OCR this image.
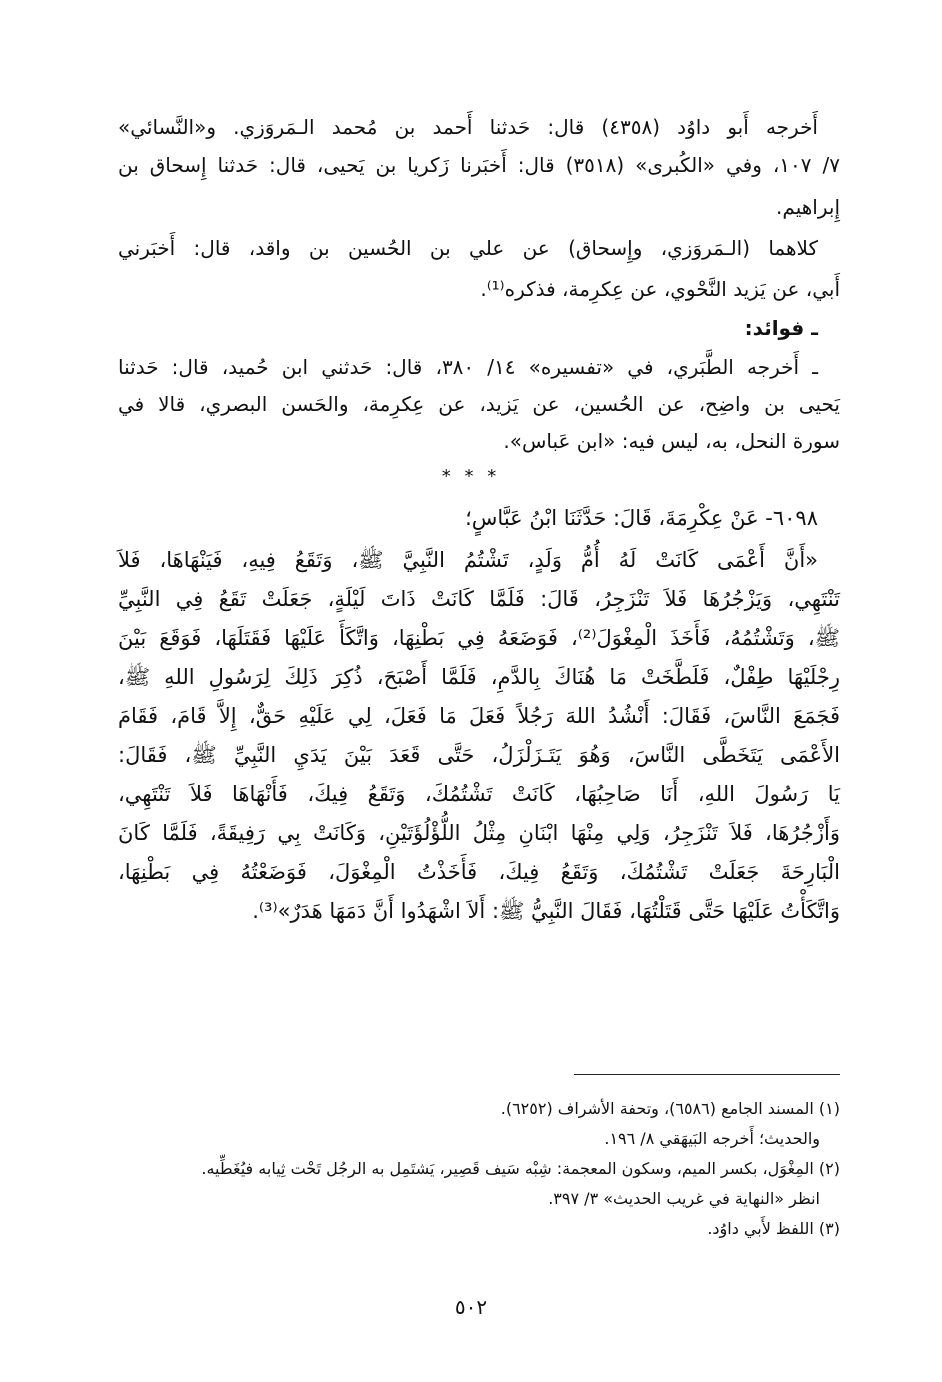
أَخرجه أَبو داوُد (٤٣٥٨) قال: حَدثنا أَحمد بن مُحمد الـمَروَزي. و«النَّسائي»
٧/ ١٠٧، وفي «الكُبرى» (٣٥١٨) قال: أَخبَرنا زَكريا بن يَحيى، قال: حَدثنا إِسحاق بن
إِبراهيم.
كلاهما (الـمَروَزي، وإِسحاق) عن علي بن الحُسين بن واقد، قال: أَخبَرني
أَبي، عن يَزيد النَّحْوي، عن عِكرِمة، فذكره⁽¹⁾.
ـ فوائد:
ـ أَخرجه الطَّبَري، في «تفسيره» ١٤/ ٣٨٠، قال: حَدثني ابن حُميد، قال: حَدثنا
يَحيى بن واضِح، عن الحُسين، عن يَزيد، عن عِكرِمة، والحَسن البصري، قالا في
سورة النحل، به، ليس فيه: «ابن عَباس».
* * *
٦٠٩٨- عَنْ عِكْرِمَةَ، قَالَ: حَدَّثَنَا ابْنُ عَبَّاسٍ؛
«أَنَّ أَعْمَى كَانَتْ لَهُ أُمُّ وَلَدٍ، تَشْتُمُ النَّبِيَّ ﷺ، وَتَقَعُ فِيهِ، فَيَنْهَاهَا، فَلاَ
تَنْتَهِي، وَيَزْجُرُهَا فَلاَ تَنْزَجِرُ، قَالَ: فَلَمَّا كَانَتْ ذَاتَ لَيْلَةٍ، جَعَلَتْ تَقَعُ فِي النَّبِيِّ
ﷺ، وَتَشْتُمُهُ، فَأَخَذَ الْمِغْوَلَ⁽²⁾، فَوَضَعَهُ فِي بَطْنِهَا، وَاتَّكَأَ عَلَيْهَا فَقَتَلَهَا، فَوَقَعَ بَيْنَ
رِجْلَيْهَا طِفْلٌ، فَلَطَّخَتْ مَا هُنَاكَ بِالدَّمِ، فَلَمَّا أَصْبَحَ، ذُكِرَ ذَلِكَ لِرَسُولِ اللهِ ﷺ،
فَجَمَعَ النَّاسَ، فَقَالَ: أَنْشُدُ اللهَ رَجُلاً فَعَلَ مَا فَعَلَ، لِي عَلَيْهِ حَقٌّ، إِلاَّ قَامَ، فَقَامَ
الأَعْمَى يَتَخَطَّى النَّاسَ، وَهُوَ يَتَـزَلْزَلُ، حَتَّى قَعَدَ بَيْنَ يَدَيِ النَّبِيِّ ﷺ، فَقَالَ:
يَا رَسُولَ اللهِ، أَنَا صَاحِبُهَا، كَانَتْ تَشْتُمُكَ، وَتَقَعُ فِيكَ، فَأَنْهَاهَا فَلاَ تَنْتَهِي،
وَأَزْجُرُهَا، فَلاَ تَنْزَجِرُ، وَلِي مِنْهَا ابْنَانِ مِثْلُ اللُّؤْلُؤَتَيْنِ، وَكَانَتْ بِي رَفِيقَةً، فَلَمَّا كَانَ
الْبَارِحَةَ جَعَلَتْ تَشْتُمُكَ، وَتَقَعُ فِيكَ، فَأَخَذْتُ الْمِغْوَلَ، فَوَضَعْتُهُ فِي بَطْنِهَا،
وَاتَّكَأْتُ عَلَيْهَا حَتَّى قَتَلْتُهَا، فَقَالَ النَّبِيُّ ﷺ: أَلاَ اشْهَدُوا أَنَّ دَمَهَا هَدَرٌ»⁽³⁾.
(١) المسند الجامع (٦٥٨٦)، وتحفة الأشراف (٦٢٥٢).
والحديث؛ أَخرجه البَيهَقي ٨/ ١٩٦.
(٢) المِغْوَل، بكسر الميم، وسكون المعجمة: شِبْه سَيف قَصِير، يَشتَمِل به الرجُل تَحْت ثِيابه فيُغَطِّيه.
انظر «النهاية في غريب الحديث» ٣/ ٣٩٧.
(٣) اللفظ لأَبي داوُد.
٥٠٢
